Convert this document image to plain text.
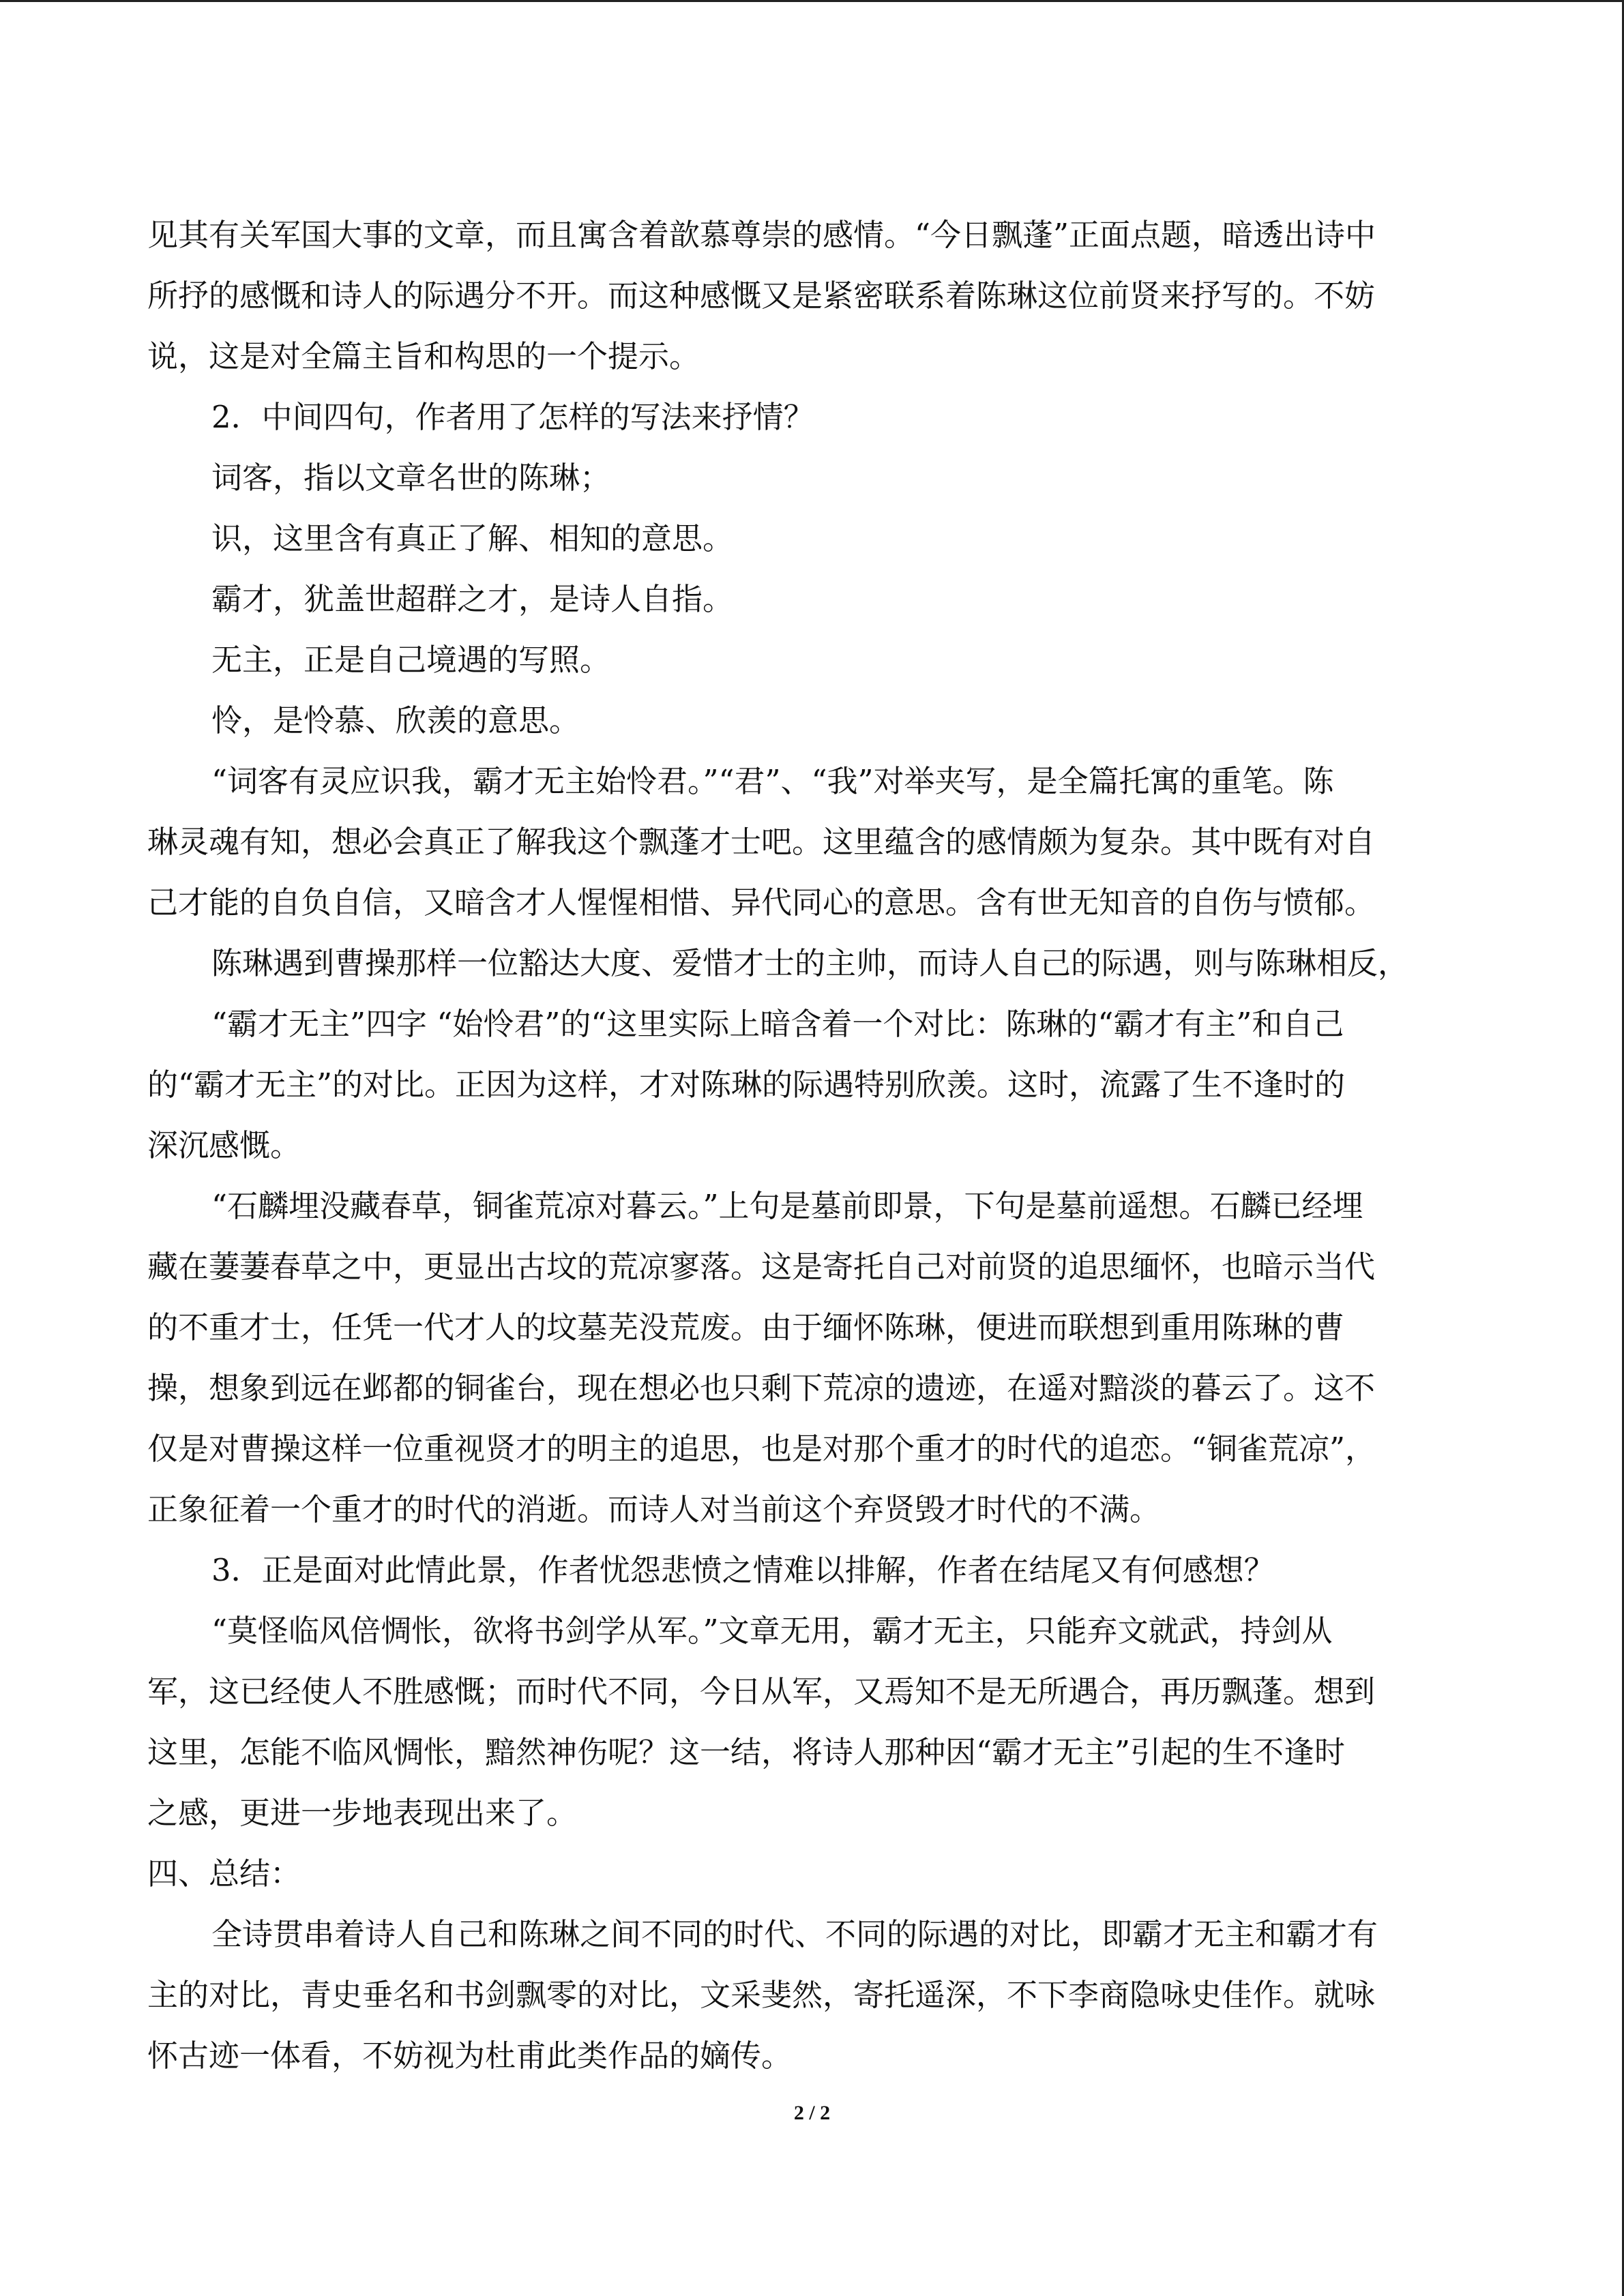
见其有关军国大事的文章，而且寓含着歆慕尊崇的感情。“今日飘蓬”正面点题，暗透出诗中
所抒的感慨和诗人的际遇分不开。而这种感慨又是紧密联系着陈琳这位前贤来抒写的。不妨
说，这是对全篇主旨和构思的一个提示。
2．中间四句，作者用了怎样的写法来抒情？
词客，指以文章名世的陈琳；
识，这里含有真正了解、相知的意思。
霸才，犹盖世超群之才，是诗人自指。
无主，正是自己境遇的写照。
怜，是怜慕、欣羡的意思。
“词客有灵应识我，霸才无主始怜君。”“君”、“我”对举夹写，是全篇托寓的重笔。陈
琳灵魂有知，想必会真正了解我这个飘蓬才士吧。这里蕴含的感情颇为复杂。其中既有对自
己才能的自负自信，又暗含才人惺惺相惜、异代同心的意思。含有世无知音的自伤与愤郁。
陈琳遇到曹操那样一位豁达大度、爱惜才士的主帅，而诗人自己的际遇，则与陈琳相反，
“霸才无主”四字 “始怜君”的“这里实际上暗含着一个对比：陈琳的“霸才有主”和自己
的“霸才无主”的对比。正因为这样，才对陈琳的际遇特别欣羡。这时，流露了生不逢时的
深沉感慨。
“石麟埋没藏春草，铜雀荒凉对暮云。”上句是墓前即景，下句是墓前遥想。石麟已经埋
藏在萋萋春草之中，更显出古坟的荒凉寥落。这是寄托自己对前贤的追思缅怀，也暗示当代
的不重才士，任凭一代才人的坟墓芜没荒废。由于缅怀陈琳，便进而联想到重用陈琳的曹
操，想象到远在邺都的铜雀台，现在想必也只剩下荒凉的遗迹，在遥对黯淡的暮云了。这不
仅是对曹操这样一位重视贤才的明主的追思，也是对那个重才的时代的追恋。“铜雀荒凉”，
正象征着一个重才的时代的消逝。而诗人对当前这个弃贤毁才时代的不满。
3．正是面对此情此景，作者忧怨悲愤之情难以排解，作者在结尾又有何感想？
“莫怪临风倍惆怅，欲将书剑学从军。”文章无用，霸才无主，只能弃文就武，持剑从
军，这已经使人不胜感慨；而时代不同，今日从军，又焉知不是无所遇合，再历飘蓬。想到
这里，怎能不临风惆怅，黯然神伤呢？这一结，将诗人那种因“霸才无主”引起的生不逢时
之感，更进一步地表现出来了。
四、总结：
全诗贯串着诗人自己和陈琳之间不同的时代、不同的际遇的对比，即霸才无主和霸才有
主的对比，青史垂名和书剑飘零的对比，文采斐然，寄托遥深，不下李商隐咏史佳作。就咏
怀古迹一体看，不妨视为杜甫此类作品的嫡传。
2 / 2
